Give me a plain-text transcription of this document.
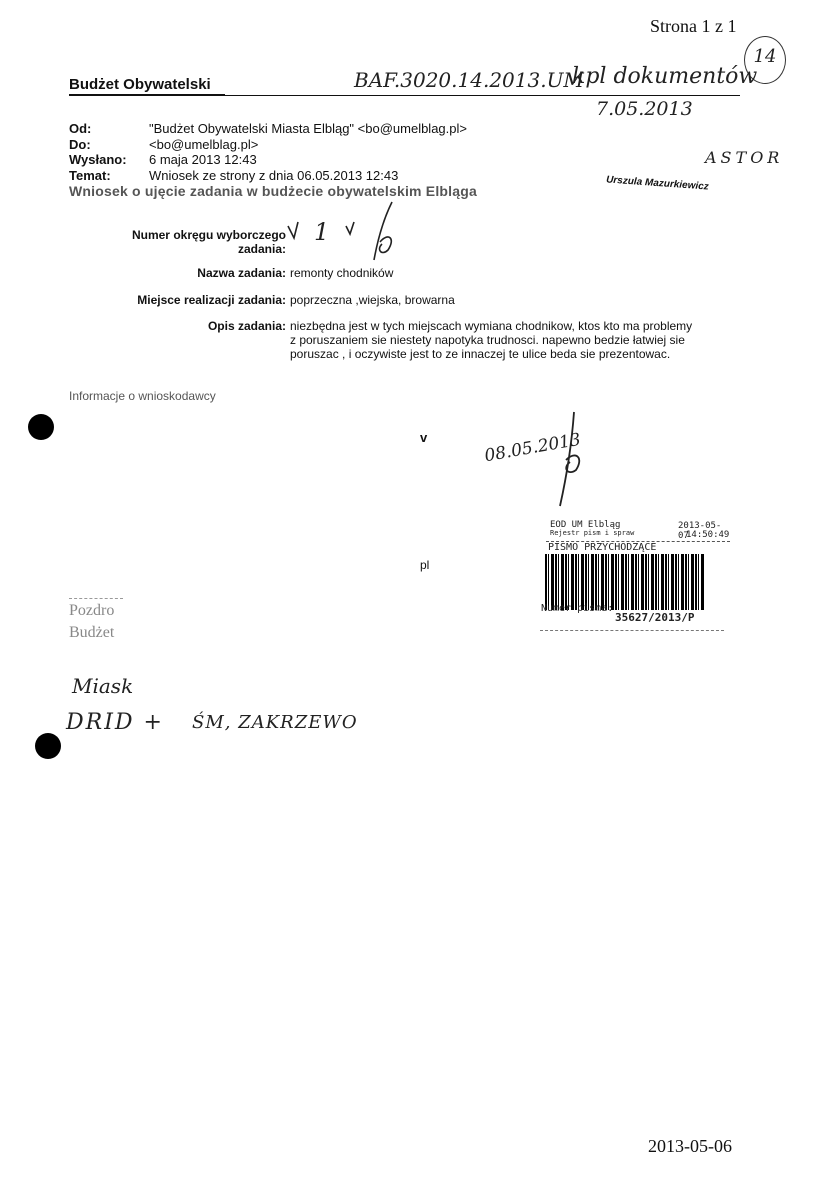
Strona 1 z 1
14
Budżet Obywatelski	BAF.3020.14.2013.UM
kpl dokumentów
7.05.2013
Od:	"Budżet Obywatelski Miasta Elbląg" <bo@umelblag.pl>
Do:	<bo@umelblag.pl>
Wysłano:	6 maja 2013 12:43
Temat:	Wniosek ze strony z dnia 06.05.2013 12:43
ASTOR
Urszula Mazurkiewicz
Wniosek o ujęcie zadania w budżecie obywatelskim Elbląga
Numer okręgu wyborczego
zadania:
1
Nazwa zadania: remonty chodników
Miejsce realizacji zadania: poprzeczna ,wiejska, browarna
Opis zadania: niezbędna jest w tych miejscach wymiana chodnikow, ktos kto ma problemy
z poruszaniem sie niestety napotyka trudnosci. napewno bedzie łatwiej sie
poruszac , i oczywiste jest to ze innaczej te ulice beda sie prezentowac.
Informacje o wnioskodawcy
v
pl
08.05.2013
EOD UM Elbląg
Rejestr pism i spraw
2013-05-07
14:50:49
PISMO PRZYCHODZĄCE
Numer pisma:
35627/2013/P
Pozdro
Budżet
Miask
DRID + ŚM, ZAKRZEWO
2013-05-06
